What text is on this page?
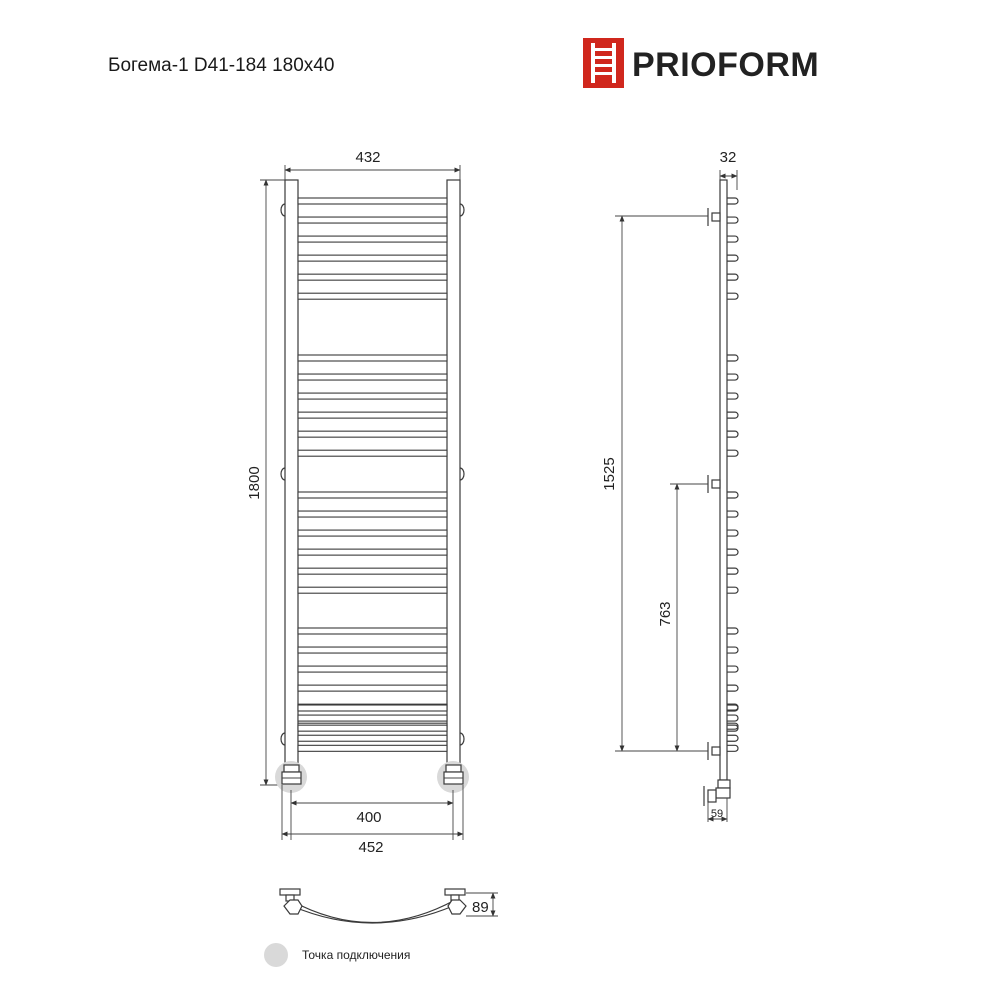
Богема-1 D41-184 180x40	PRIOFORM
432
1800
400
452
32
1525
763
59
89
Точка подключения
